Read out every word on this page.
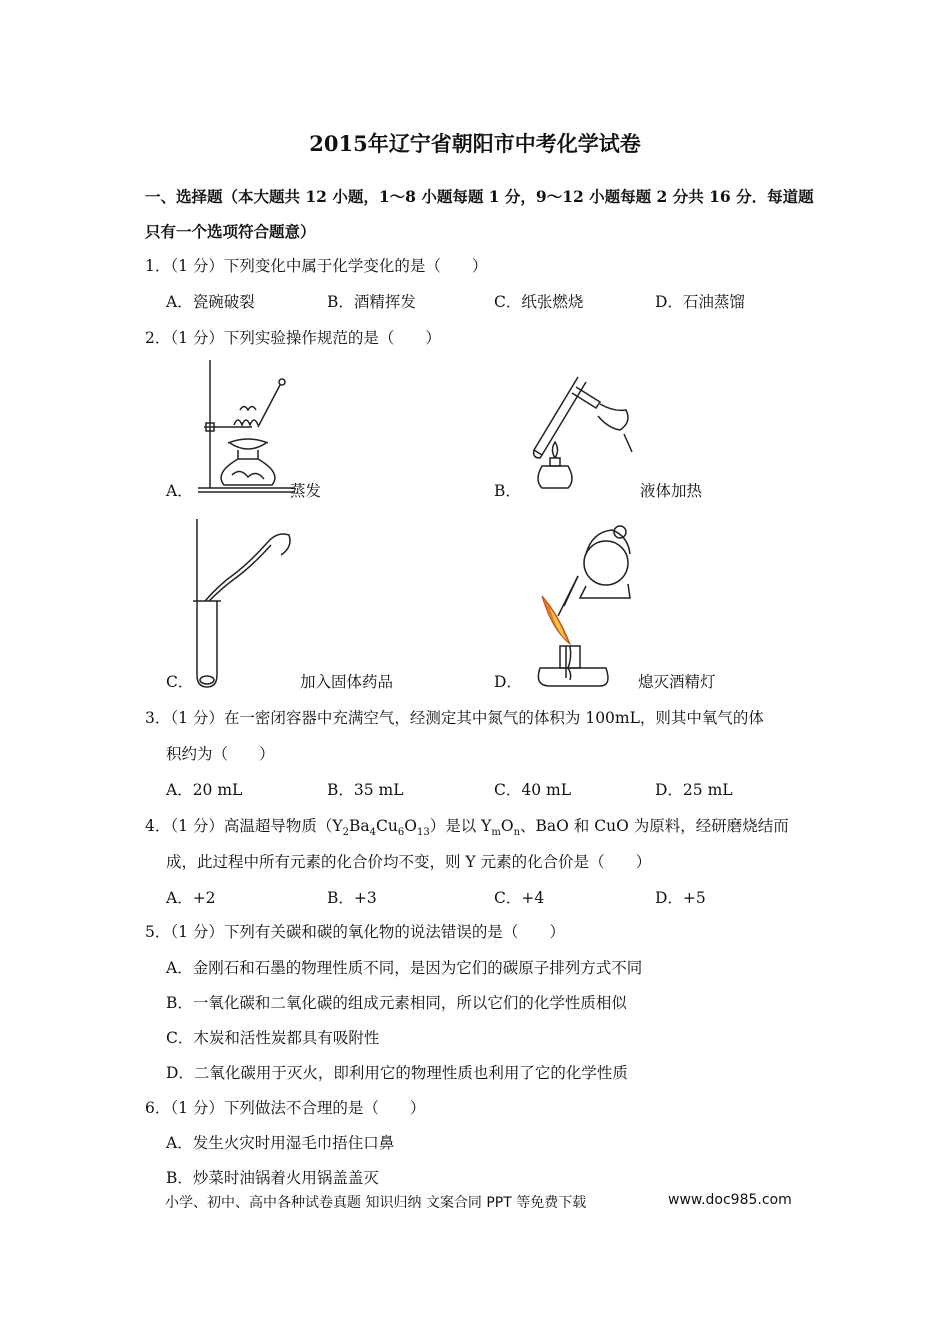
2015年辽宁省朝阳市中考化学试卷
一、选择题（本大题共 12 小题，1～8 小题每题 1 分，9～12 小题每题 2 分共 16 分．每道题
只有一个选项符合题意）
1．（1 分）下列变化中属于化学变化的是（　　）
A．瓷碗破裂	B．酒精挥发	C．纸张燃烧	D．石油蒸馏
2．（1 分）下列实验操作规范的是（　　）
A．	蒸发	B．	液体加热
C．	加入固体药品	D．	熄灭酒精灯
3．（1 分）在一密闭容器中充满空气，经测定其中氮气的体积为 100mL，则其中氧气的体
积约为（　　）
A．20 mL	B．35 mL	C．40 mL	D．25 mL
4．（1 分）高温超导物质$(Y_2Ba_4Cu_6O_{13})$是以 $Y_mO_n$、BaO 和 CuO 为原料，经研磨烧结而
成，此过程中所有元素的化合价均不变，则 Y 元素的化合价是（　　）
A．+2	B．+3	C．+4	D．+5
5．（1 分）下列有关碳和碳的氧化物的说法错误的是（　　）
A．金刚石和石墨的物理性质不同，是因为它们的碳原子排列方式不同
B．一氧化碳和二氧化碳的组成元素相同，所以它们的化学性质相似
C．木炭和活性炭都具有吸附性
D．二氧化碳用于灭火，即利用它的物理性质也利用了它的化学性质
6．（1 分）下列做法不合理的是（　　）
A．发生火灾时用湿毛巾捂住口鼻
B．炒菜时油锅着火用锅盖盖灭
小学、初中、高中各种试卷真题 知识归纳 文案合同 PPT 等免费下载	www.doc985.com
